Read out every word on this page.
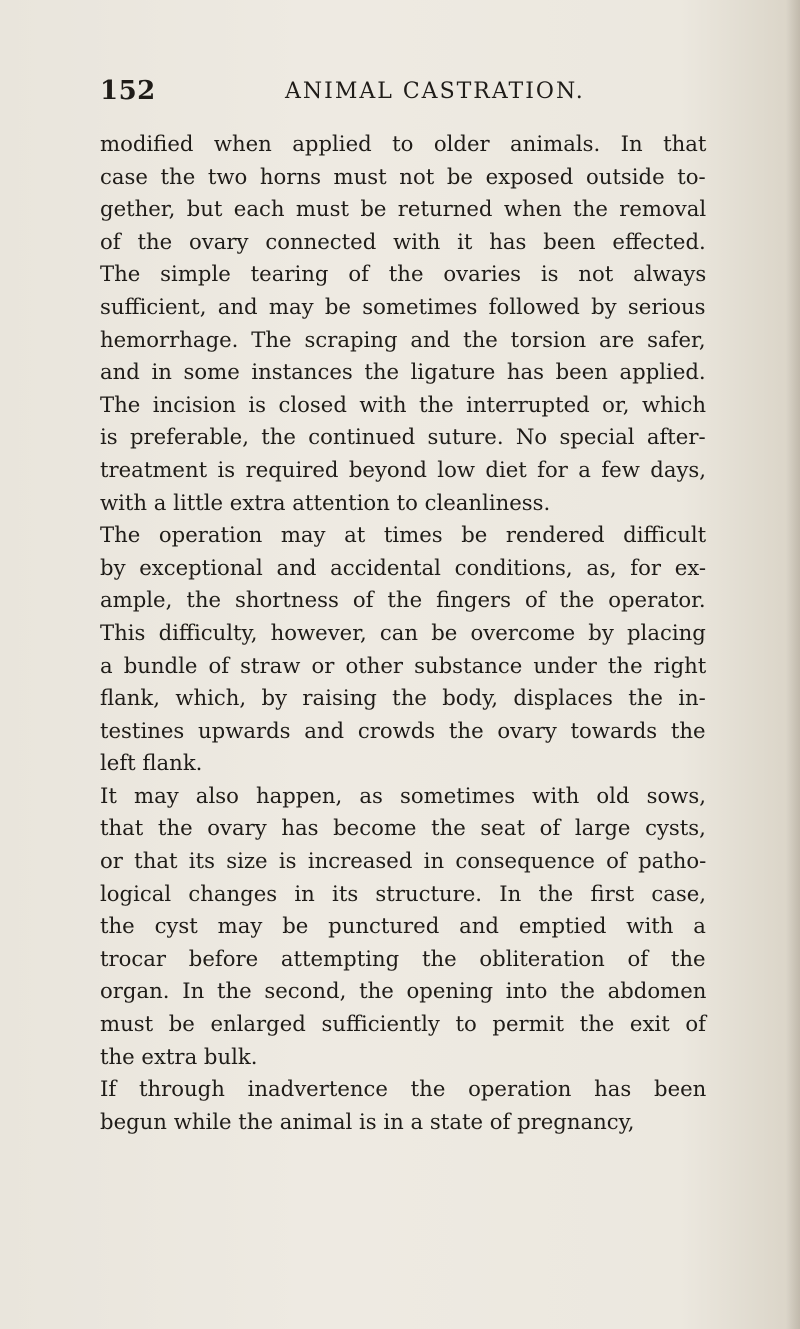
152	ANIMAL CASTRATION.
modified when applied to older animals. In that
case the two horns must not be exposed outside to-
gether, but each must be returned when the removal
of the ovary connected with it has been effected.
The simple tearing of the ovaries is not always
sufficient, and may be sometimes followed by serious
hemorrhage. The scraping and the torsion are safer,
and in some instances the ligature has been applied.
The incision is closed with the interrupted or, which
is preferable, the continued suture. No special after-
treatment is required beyond low diet for a few days,
with a little extra attention to cleanliness.
The operation may at times be rendered difficult
by exceptional and accidental conditions, as, for ex-
ample, the shortness of the fingers of the operator.
This difficulty, however, can be overcome by placing
a bundle of straw or other substance under the right
flank, which, by raising the body, displaces the in-
testines upwards and crowds the ovary towards the
left flank.
It may also happen, as sometimes with old sows,
that the ovary has become the seat of large cysts,
or that its size is increased in consequence of patho-
logical changes in its structure. In the first case,
the cyst may be punctured and emptied with a
trocar before attempting the obliteration of the
organ. In the second, the opening into the abdomen
must be enlarged sufficiently to permit the exit of
the extra bulk.
If through inadvertence the operation has been
begun while the animal is in a state of pregnancy,
